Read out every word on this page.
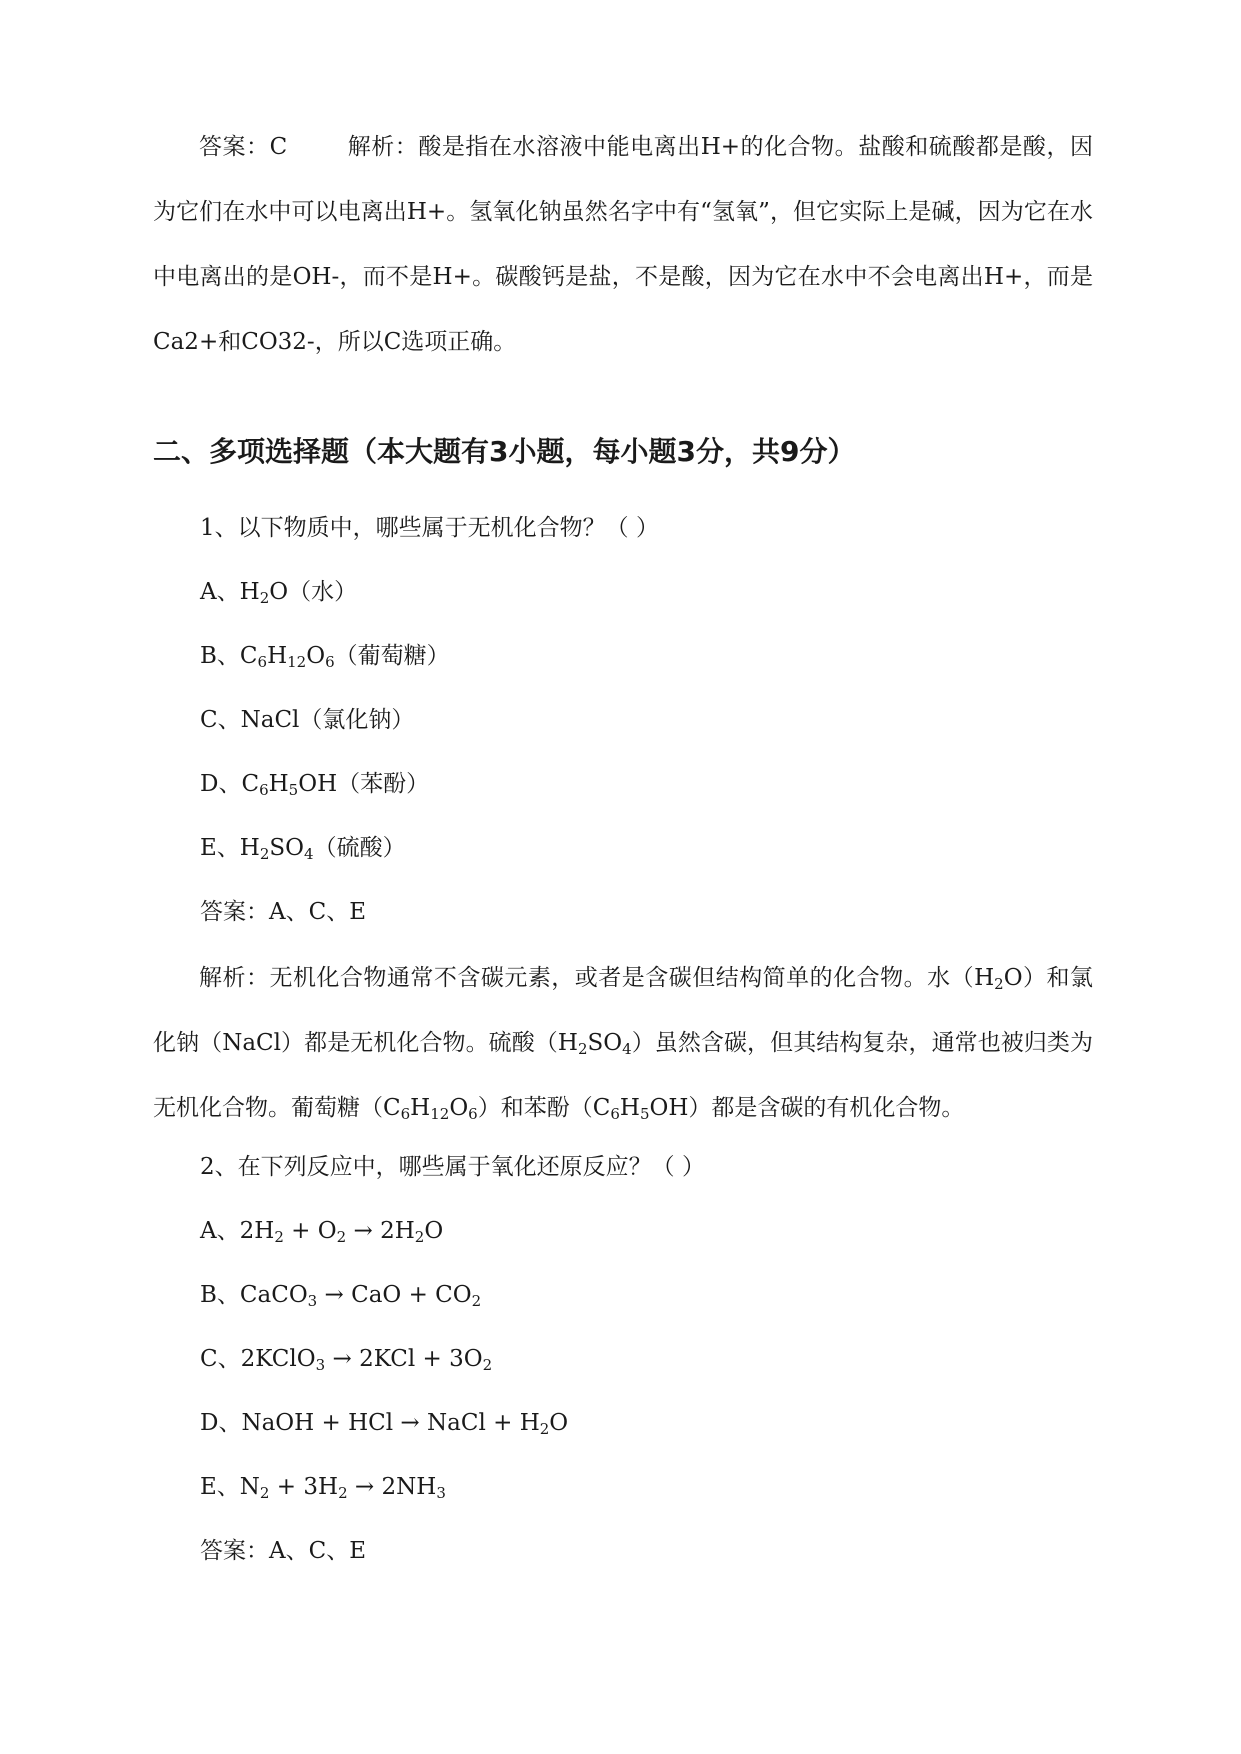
答案：C	解析：酸是指在水溶液中能电离出H+的化合物。盐酸和硫酸都是酸，因为它们在水中可以电离出H+。氢氧化钠虽然名字中有“氢氧”，但它实际上是碱，因为它在水中电离出的是OH-，而不是H+。碳酸钙是盐，不是酸，因为它在水中不会电离出H+，而是Ca2+和CO32-，所以C选项正确。

二、多项选择题（本大题有3小题，每小题3分，共9分）

1、以下物质中，哪些属于无机化合物？（ ）

A、$H_2O$（水）

B、$C_6H_{12}O_6$（葡萄糖）

C、NaCl（氯化钠）

D、$C_6H_5OH$（苯酚）

E、$H_2SO_4$（硫酸）

答案：A、C、E

解析：无机化合物通常不含碳元素，或者是含碳但结构简单的化合物。水$(H_2O)$和氯化钠（NaCl）都是无机化合物。硫酸$(H_2SO_4)$虽然含碳，但其结构复杂，通常也被归类为无机化合物。葡萄糖$(C_6H_{12}O_6)$和苯酚$(C_6H_5OH)$都是含碳的有机化合物。

2、在下列反应中，哪些属于氧化还原反应？（ ）

A、$2H_2 + O_2 \to 2H_2O$

B、CaCO$_3$ → CaO + $CO_2$

C、2KClO$_3$ → $2KCl + 3O_2$

D、NaOH + HCl → NaCl + $H_2O$

E、$N_2 + 3H_2 \to 2NH_3$

答案：A、C、E
